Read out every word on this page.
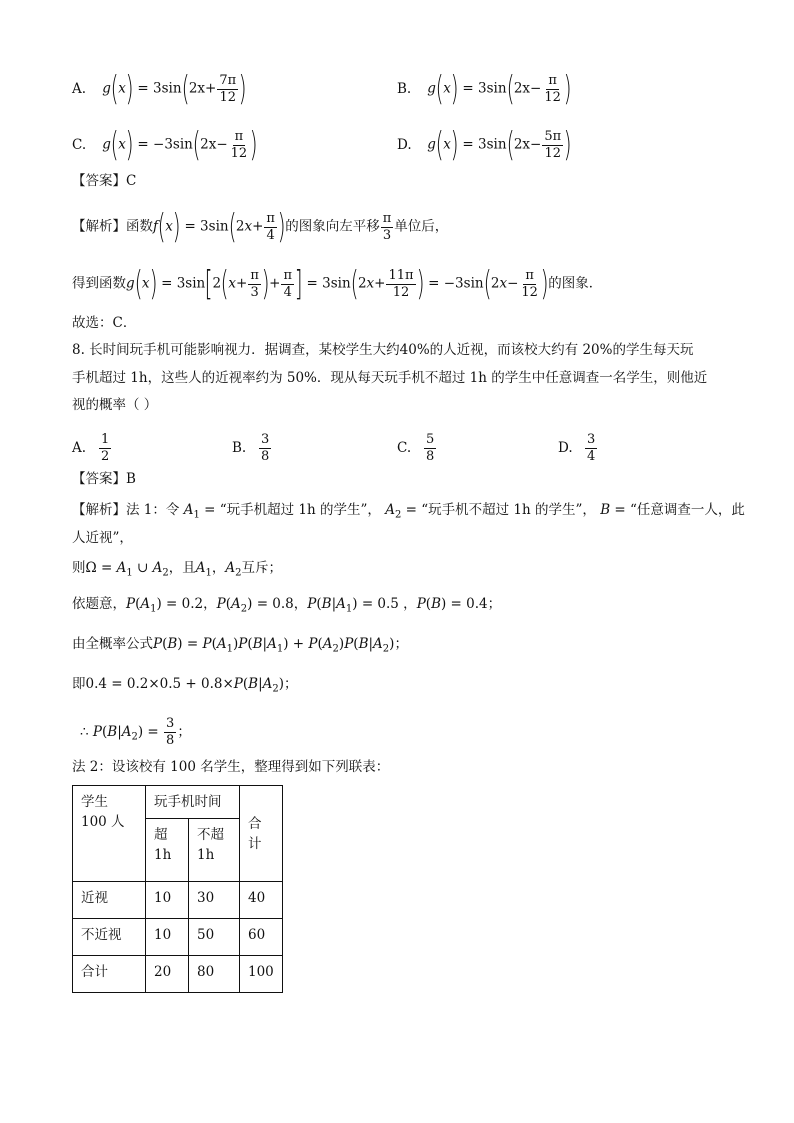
A. $g(x) = 3\sin(2x+ \frac{7\pi}{12}$ )	B. $g(x) = 3\sin(2x- \frac{\pi}{12}$ )
C. $g(x) = -3\sin(2x- \frac{\pi}{12}$ )	D. $g(x) = 3\sin(2x- \frac{5\pi}{12}$ )
【答案】C
【解析】函数$f(x) = 3\sin(2x+ \frac{\pi}{4}$ )的图象向左平移 $\frac{\pi}{3}$ 单位后，
得到函数$g(x) = 3\sin[2(x+ \frac{\pi}{3}$ )+ $\frac{\pi}{4}$ ] = $3\sin(2x+ \frac{11\pi}{12}$ ) = $-3\sin(2x- \frac{\pi}{12}$ )的图象．
故选：C．
8. 长时间玩手机可能影响视力．据调查，某校学生大约40%的人近视，而该校大约有 20%的学生每天玩
手机超过 1h，这些人的近视率约为 50%．现从每天玩手机不超过 1h 的学生中任意调查一名学生，则他近
视的概率（ ）
A. $\frac{1}{2}$	B. $\frac{3}{8}$	C. $\frac{5}{8}$	D. $\frac{3}{4}$
【答案】B
【解析】法 1：令 $A_1$ = “玩手机超过 1h 的学生”， $A_2$ = “玩手机不超过 1h 的学生”， B = “任意调查一人，此
人近视”，
则$\Omega = A_1$ ∪ $A_2$，且$A_1$，$A_2$互斥；
依题意，$P(A_1) = 0.2$，$P(A_2) = 0.8$，$P(B|A_1) = 0.5$ ，P(B) = 0.4；
由全概率公式$P(B) = P(A_1)P(B|A_1) + P(A_2)P(B|A_2)$；
即$0.4 = 0.2\times 0.5 + 0.8\times P(B|A_2)$；
∴ $P(B|A_2) = \frac{3}{8}$ ；
法 2：设该校有 100 名学生，整理得到如下列联表：
学生 100 人	玩手机时间		合计
	超 1h	不超 1h	
近视	10	30	40
不近视	10	50	60
合计	20	80	100
